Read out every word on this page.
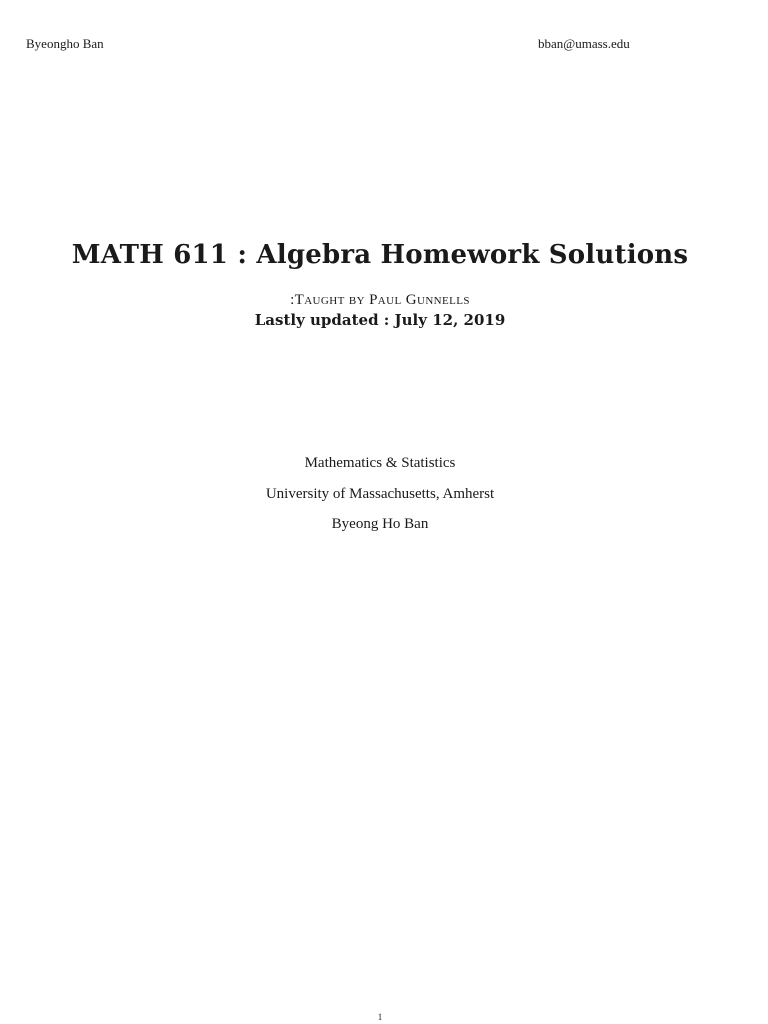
Byeongho Ban	bban@umass.edu
MATH 611 : Algebra Homework Solutions
:Taught by Paul Gunnells
Lastly updated : July 12, 2019
Mathematics & Statistics
University of Massachusetts, Amherst
Byeong Ho Ban
1
